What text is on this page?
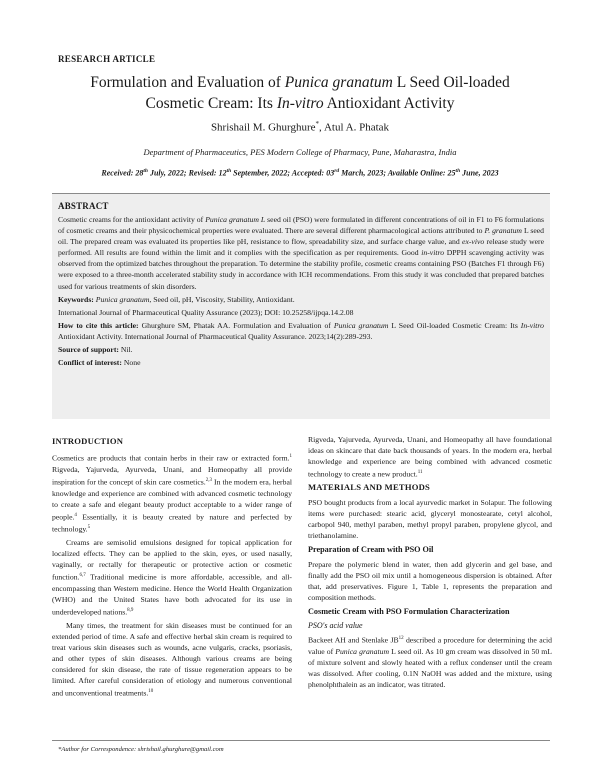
RESEARCH ARTICLE
Formulation and Evaluation of Punica granatum L Seed Oil-loaded
Cosmetic Cream: Its In-vitro Antioxidant Activity
Shrishail M. Ghurghure*, Atul A. Phatak
Department of Pharmaceutics, PES Modern College of Pharmacy, Pune, Maharastra, India
Received: 28th July, 2022; Revised: 12th September, 2022; Accepted: 03rd March, 2023; Available Online: 25th June, 2023
ABSTRACT
Cosmetic creams for the antioxidant activity of Punica granatum L seed oil (PSO) were formulated in different concentrations of oil in F1 to F6 formulations of cosmetic creams and their physicochemical properties were evaluated. There are several different pharmacological actions attributed to P. granatum L seed oil. The prepared cream was evaluated its properties like pH, resistance to flow, spreadability size, and surface charge value, and ex-vivo release study were performed. All results are found within the limit and it complies with the specification as per requirements. Good in-vitro DPPH scavenging activity was observed from the optimized batches throughout the preparation. To determine the stability profile, cosmetic creams containing PSO (Batches F1 through F6) were exposed to a three-month accelerated stability study in accordance with ICH recommendations. From this study it was concluded that prepared batches used for various treatments of skin disorders.
Keywords: Punica granatum, Seed oil, pH, Viscosity, Stability, Antioxidant.
International Journal of Pharmaceutical Quality Assurance (2023); DOI: 10.25258/ijpqa.14.2.08
How to cite this article: Ghurghure SM, Phatak AA. Formulation and Evaluation of Punica granatum L Seed Oil-loaded Cosmetic Cream: Its In-vitro Antioxidant Activity. International Journal of Pharmaceutical Quality Assurance. 2023;14(2):289-293.
Source of support: Nil.
Conflict of interest: None
INTRODUCTION

Cosmetics are products that contain herbs in their raw or extracted form.$^1$ Rigveda, Yajurveda, Ayurveda, Unani, and Homeopathy all provide inspiration for the concept of skin care cosmetics.$^{2,3}$ In the modern era, herbal knowledge and experience are combined with advanced cosmetic technology to create a safe and elegant beauty product acceptable to a wider range of people.$^4$ Essentially, it is beauty created by nature and perfected by technology.$^5$

Creams are semisolid emulsions designed for topical application for localized effects. They can be applied to the skin, eyes, or used nasally, vaginally, or rectally for therapeutic or protective action or cosmetic function.$^{6,7}$ Traditional medicine is more affordable, accessible, and all-encompassing than Western medicine. Hence the World Health Organization (WHO) and the United States have both advocated for its use in underdeveloped nations.$^{8,9}$

Many times, the treatment for skin diseases must be continued for an extended period of time. A safe and effective herbal skin cream is required to treat various skin diseases such as wounds, acne vulgaris, cracks, psoriasis, and other types of skin diseases. Although various creams are being considered for skin disease, the rate of tissue regeneration appears to be limited. After careful consideration of etiology and numerous conventional and unconventional treatments.$^{10}$

Rigveda, Yajurveda, Ayurveda, Unani, and Homeopathy all have foundational ideas on skincare that date back thousands of years. In the modern era, herbal knowledge and experience are being combined with advanced cosmetic technology to create a new product.$^{11}$

MATERIALS AND METHODS

PSO bought products from a local ayurvedic market in Solapur. The following items were purchased: stearic acid, glyceryl monostearate, cetyl alcohol, carbopol 940, methyl paraben, methyl propyl paraben, propylene glycol, and triethanolamine.

Preparation of Cream with PSO Oil

Prepare the polymeric blend in water, then add glycerin and gel base, and finally add the PSO oil mix until a homogeneous dispersion is obtained. After that, add preservatives. Figure 1, Table 1, represents the preparation and composition methods.

Cosmetic Cream with PSO Formulation Characterization
PSO's acid value

Backeet AH and Stenlake JB$^{12}$ described a procedure for determining the acid value of Punica granatum L seed oil. As 10 gm cream was dissolved in 50 mL of mixture solvent and slowly heated with a reflux condenser until the cream was dissolved. After cooling, 0.1N NaOH was added and the mixture, using phenolphthalein as an indicator, was titrated.

*Author for Correspondence: shrishail.ghurghure@gmail.com
